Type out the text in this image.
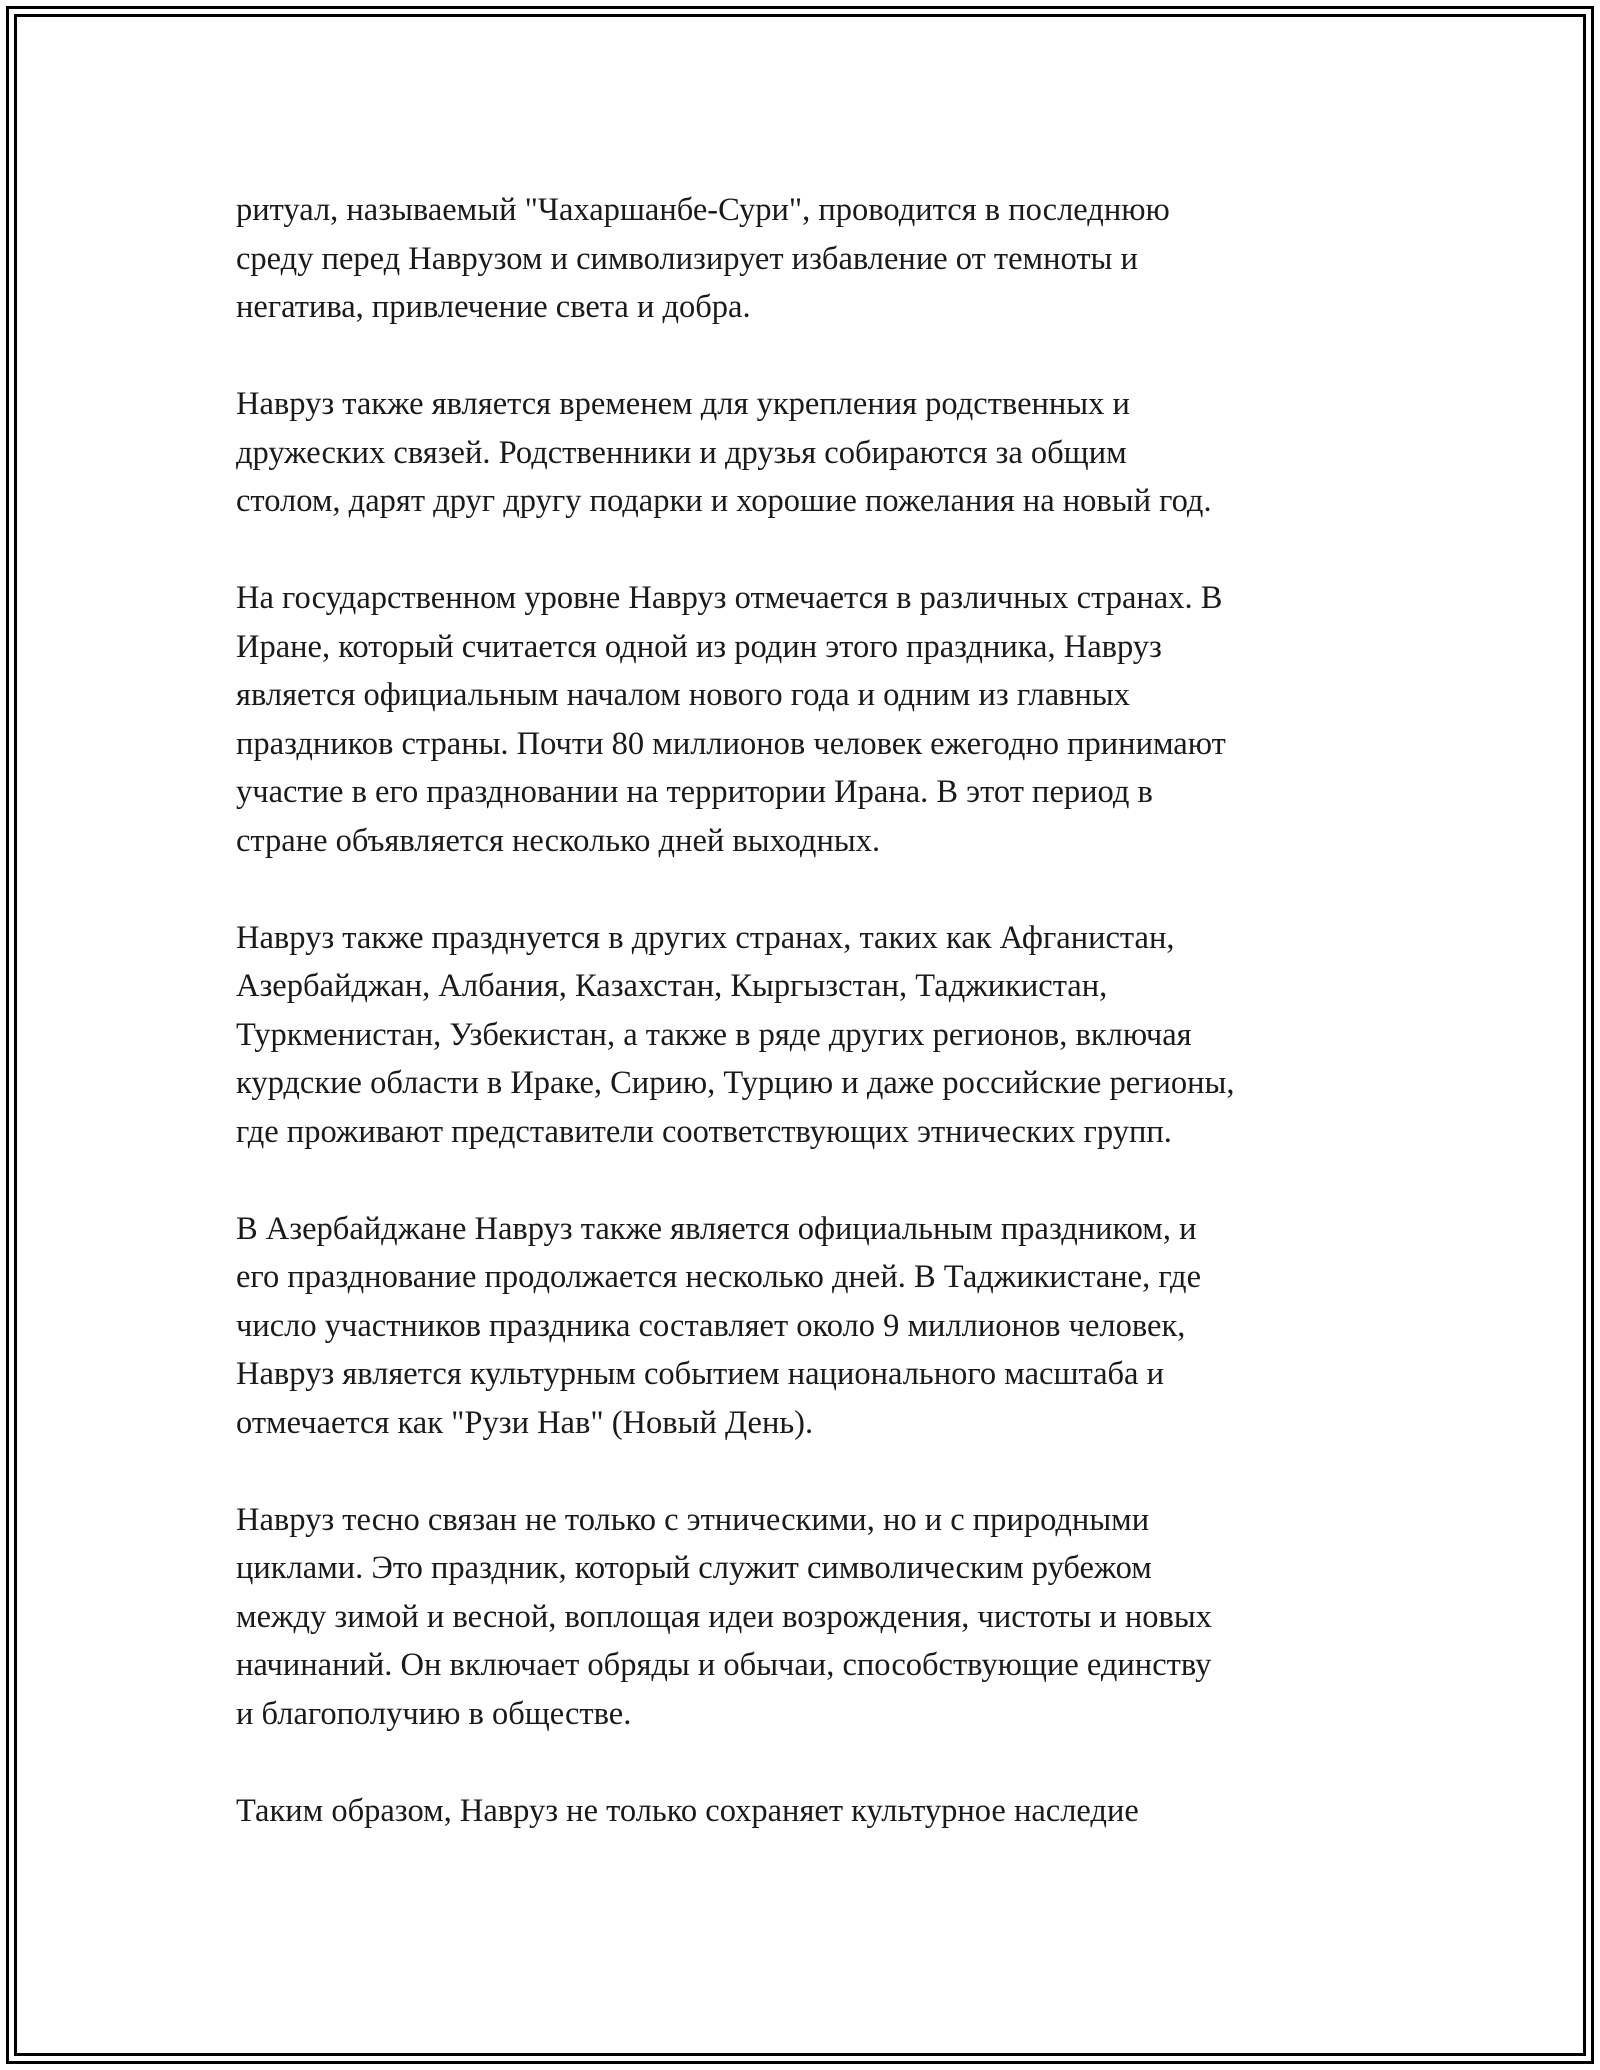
ритуал, называемый "Чахаршанбе-Сури", проводится в последнюю
среду перед Наврузом и символизирует избавление от темноты и
негатива, привлечение света и добра.

Навруз также является временем для укрепления родственных и
дружеских связей. Родственники и друзья собираются за общим
столом, дарят друг другу подарки и хорошие пожелания на новый год.

На государственном уровне Навруз отмечается в различных странах. В
Иране, который считается одной из родин этого праздника, Навруз
является официальным началом нового года и одним из главных
праздников страны. Почти 80 миллионов человек ежегодно принимают
участие в его праздновании на территории Ирана. В этот период в
стране объявляется несколько дней выходных.

Навруз также празднуется в других странах, таких как Афганистан,
Азербайджан, Албания, Казахстан, Кыргызстан, Таджикистан,
Туркменистан, Узбекистан, а также в ряде других регионов, включая
курдские области в Ираке, Сирию, Турцию и даже российские регионы,
где проживают представители соответствующих этнических групп.

В Азербайджане Навруз также является официальным праздником, и
его празднование продолжается несколько дней. В Таджикистане, где
число участников праздника составляет около 9 миллионов человек,
Навруз является культурным событием национального масштаба и
отмечается как "Рузи Нав" (Новый День).

Навруз тесно связан не только с этническими, но и с природными
циклами. Это праздник, который служит символическим рубежом
между зимой и весной, воплощая идеи возрождения, чистоты и новых
начинаний. Он включает обряды и обычаи, способствующие единству
и благополучию в обществе.

Таким образом, Навруз не только сохраняет культурное наследие
